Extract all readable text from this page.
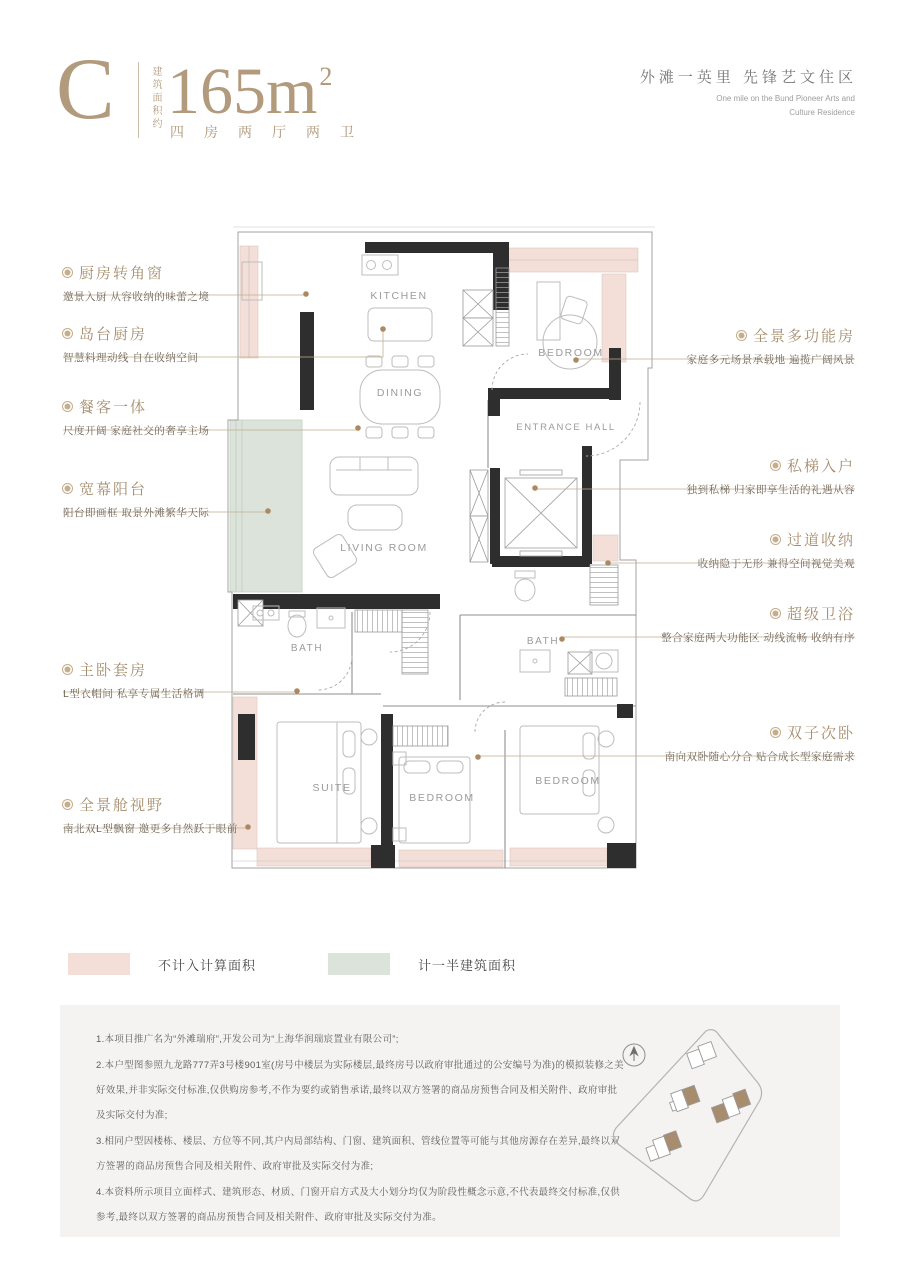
C	建筑面积约 $165m^2$
四房两厅两卫
外滩一英里 先锋艺文住区
One mile on the Bund Pioneer Arts and
Culture Residence
KITCHEN
DINING
BEDROOM
ENTRANCE HALL
LIVING ROOM
BATH
BATH
SUITE
BEDROOM
BEDROOM
厨房转角窗
邀景入厨 从容收纳的味蕾之境
岛台厨房
智慧料理动线 自在收纳空间
餐客一体
尺度开阔 家庭社交的奢享主场
宽幕阳台
阳台即画框 取景外滩繁华天际
主卧套房
L型衣帽间 私享专属生活格调
全景舱视野
南北双L型飘窗 邀更多自然跃于眼前
全景多功能房
家庭多元场景承载地 遍揽广阔风景
私梯入户
独到私梯 归家即享生活的礼遇从容
过道收纳
收纳隐于无形 兼得空间视觉美观
超级卫浴
整合家庭两大功能区 动线流畅 收纳有序
双子次卧
南向双卧随心分合 贴合成长型家庭需求
不计入计算面积	计一半建筑面积

1.本项目推广名为“外滩瑞府”,开发公司为“上海华润瑞宸置业有限公司”;

2.本户型图参照九龙路777弄3号楼901室(房号中楼层为实际楼层,最终房号以政府审批通过的公安编号为准)的模拟装修之美好效果,并非实际交付标准,仅供购房参考,不作为要约或销售承诺,最终以双方签署的商品房预售合同及相关附件、政府审批及实际交付为准;

3.相同户型因楼栋、楼层、方位等不同,其户内局部结构、门窗、建筑面积、管线位置等可能与其他房源存在差异,最终以双方签署的商品房预售合同及相关附件、政府审批及实际交付为准;

4.本资料所示项目立面样式、建筑形态、材质、门窗开启方式及大小划分均仅为阶段性概念示意,不代表最终交付标准,仅供参考,最终以双方签署的商品房预售合同及相关附件、政府审批及实际交付为准。
